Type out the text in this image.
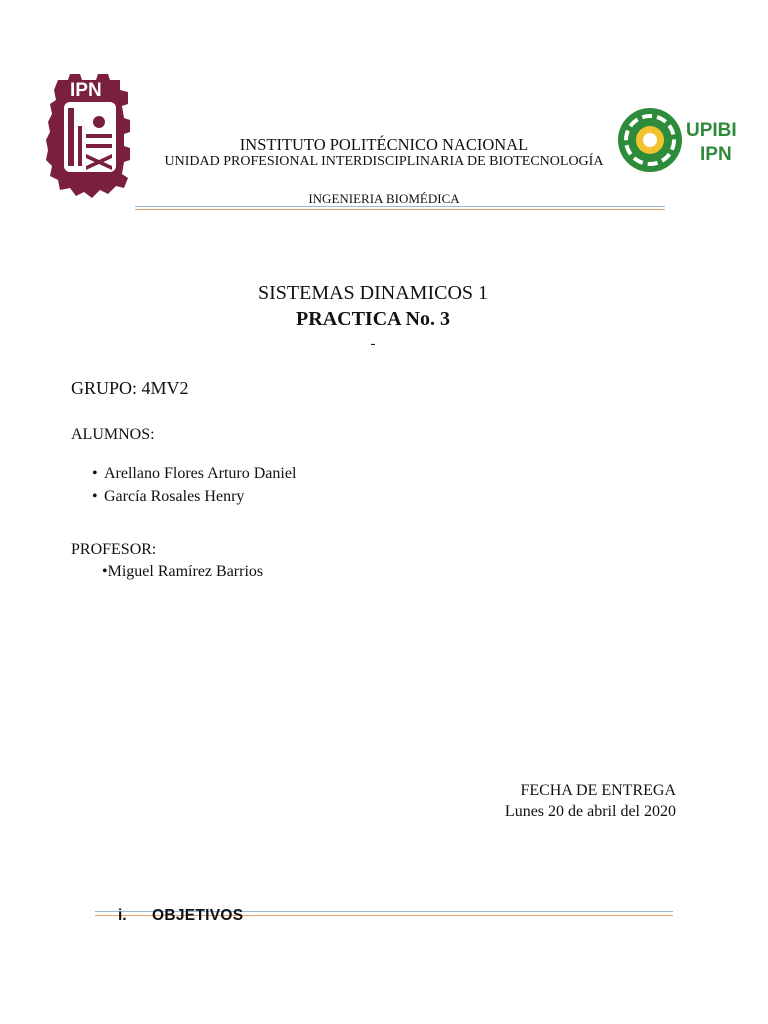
IPN
UPIBI
IPN
INSTITUTO POLITÉCNICO NACIONAL
UNIDAD PROFESIONAL INTERDISCIPLINARIA DE BIOTECNOLOGÍA
INGENIERIA BIOMÉDICA
SISTEMAS DINAMICOS 1
PRACTICA No. 3
-
GRUPO: 4MV2
ALUMNOS:
• Arellano Flores Arturo Daniel
• García Rosales Henry
PROFESOR:
•Miguel Ramírez Barrios
FECHA DE ENTREGA
Lunes 20 de abril del 2020
i. OBJETIVOS
